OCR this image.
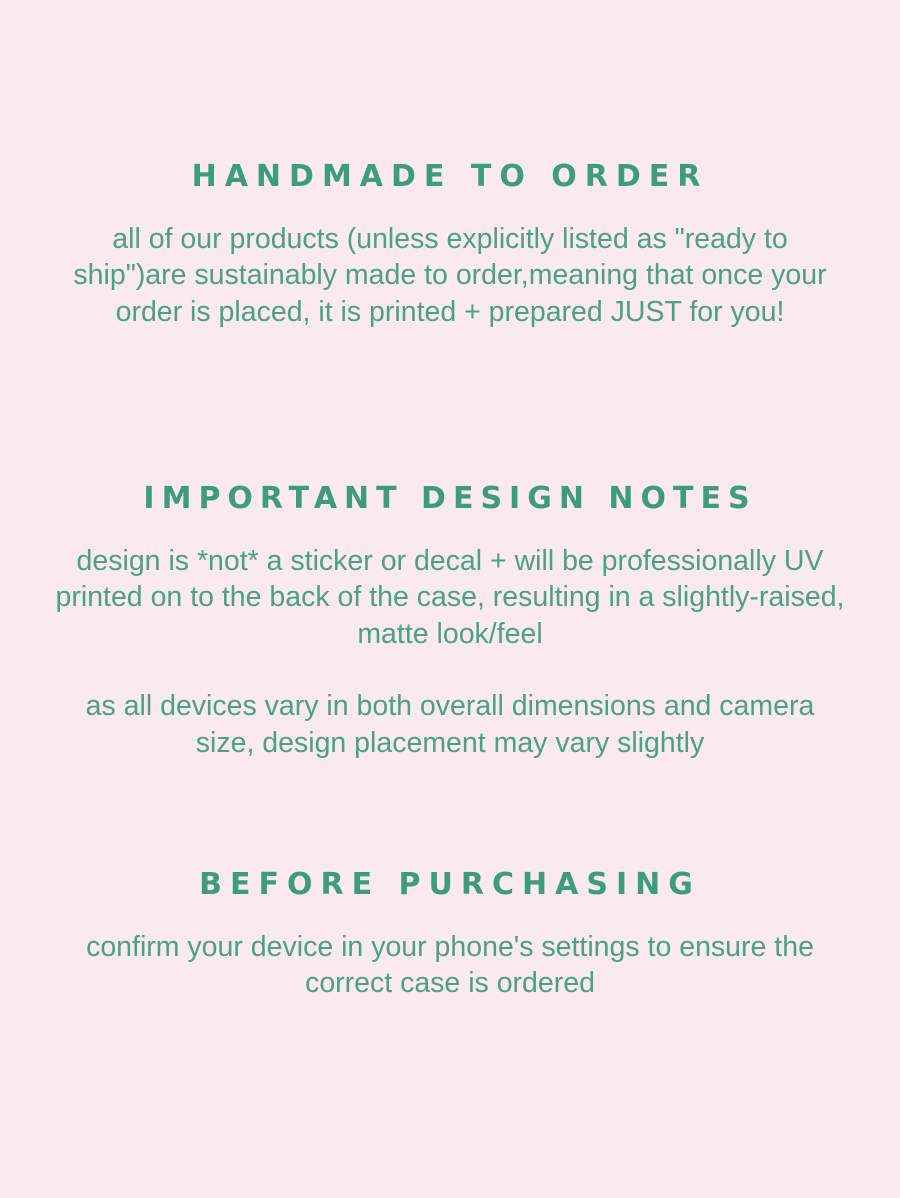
HANDMADE TO ORDER

all of our products (unless explicitly listed as "ready to ship")are sustainably made to order,meaning that once your order is placed, it is printed + prepared JUST for you!

IMPORTANT DESIGN NOTES

design is *not* a sticker or decal + will be professionally UV printed on to the back of the case, resulting in a slightly-raised, matte look/feel

as all devices vary in both overall dimensions and camera size, design placement may vary slightly

BEFORE PURCHASING

confirm your device in your phone's settings to ensure the correct case is ordered
